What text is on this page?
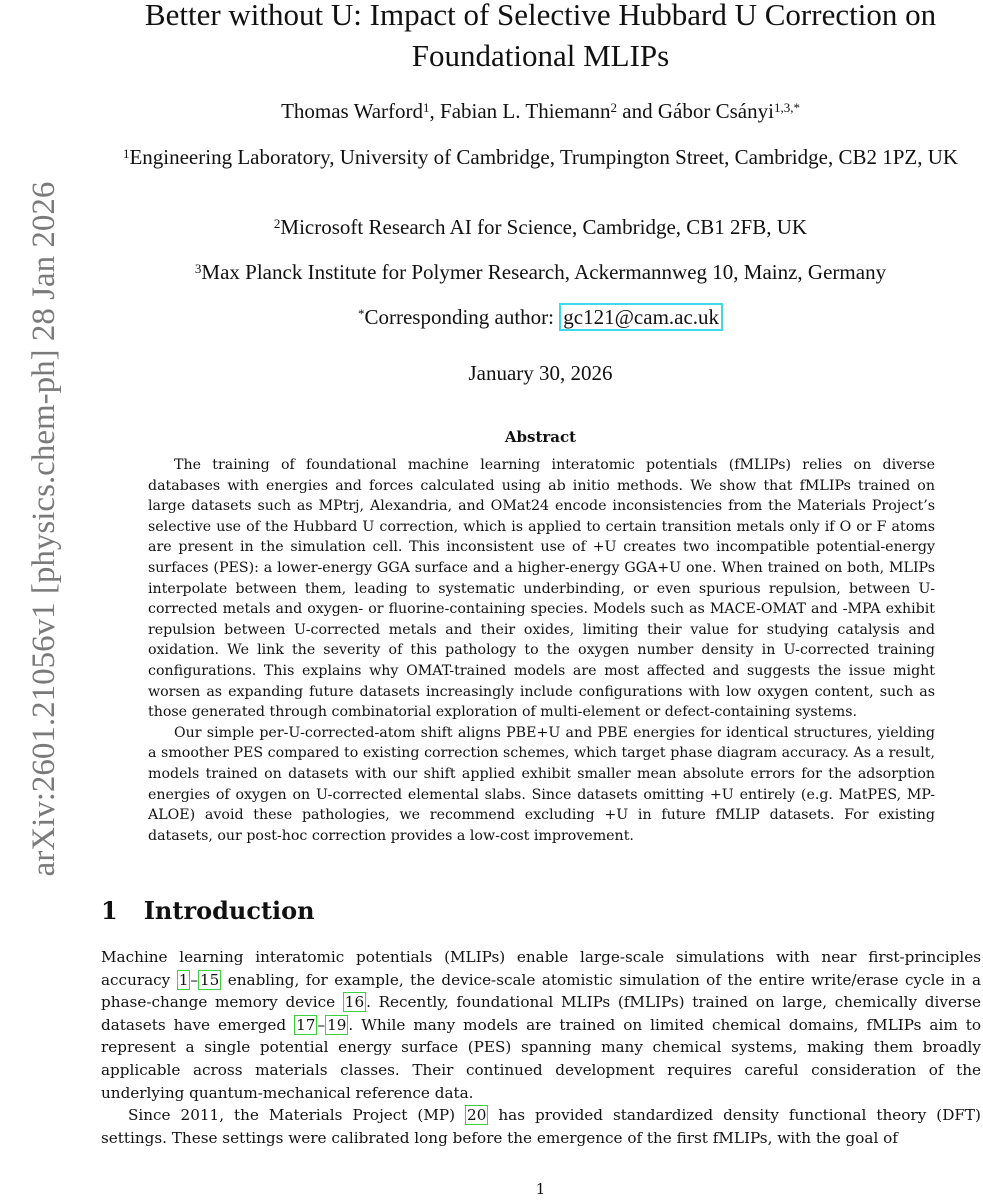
arXiv:2601.21056v1 [physics.chem-ph] 28 Jan 2026
Better without U: Impact of Selective Hubbard U Correction on Foundational MLIPs
Thomas Warford$^1$, Fabian L. Thiemann$^2$ and Gábor Csányi$^{1,3,*}$
$^1$Engineering Laboratory, University of Cambridge, Trumpington Street, Cambridge, CB2 1PZ, UK
$^2$Microsoft Research AI for Science, Cambridge, CB1 2FB, UK
$^3$Max Planck Institute for Polymer Research, Ackermannweg 10, Mainz, Germany
*Corresponding author: gc121@cam.ac.uk
January 30, 2026
Abstract

The training of foundational machine learning interatomic potentials (fMLIPs) relies on diverse databases with energies and forces calculated using ab initio methods. We show that fMLIPs trained on large datasets such as MPtrj, Alexandria, and OMat24 encode inconsistencies from the Materials Project’s selective use of the Hubbard U correction, which is applied to certain transition metals only if O or F atoms are present in the simulation cell. This inconsistent use of +U creates two incompatible potential-energy surfaces (PES): a lower-energy GGA surface and a higher-energy GGA+U one. When trained on both, MLIPs interpolate between them, leading to systematic underbinding, or even spurious repulsion, between U-corrected metals and oxygen- or fluorine-containing species. Models such as MACE-OMAT and -MPA exhibit repulsion between U-corrected metals and their oxides, limiting their value for studying catalysis and oxidation. We link the severity of this pathology to the oxygen number density in U-corrected training configurations. This explains why OMAT-trained models are most affected and suggests the issue might worsen as expanding future datasets increasingly include configurations with low oxygen content, such as those generated through combinatorial exploration of multi-element or defect-containing systems.

Our simple per-U-corrected-atom shift aligns PBE+U and PBE energies for identical structures, yielding a smoother PES compared to existing correction schemes, which target phase diagram accuracy. As a result, models trained on datasets with our shift applied exhibit smaller mean absolute errors for the adsorption energies of oxygen on U-corrected elemental slabs. Since datasets omitting +U entirely (e.g. MatPES, MP-ALOE) avoid these pathologies, we recommend excluding +U in future fMLIP datasets. For existing datasets, our post-hoc correction provides a low-cost improvement.

1 Introduction

Machine learning interatomic potentials (MLIPs) enable large-scale simulations with near first-principles accuracy 1 – 15 enabling, for example, the device-scale atomistic simulation of the entire write/erase cycle in a phase-change memory device 16 . Recently, foundational MLIPs (fMLIPs) trained on large, chemically diverse datasets have emerged 17 – 19 . While many models are trained on limited chemical domains, fMLIPs aim to represent a single potential energy surface (PES) spanning many chemical systems, making them broadly applicable across materials classes. Their continued development requires careful consideration of the underlying quantum-mechanical reference data.

Since 2011, the Materials Project (MP) 20 has provided standardized density functional theory (DFT) settings. These settings were calibrated long before the emergence of the first fMLIPs, with the goal of

1
